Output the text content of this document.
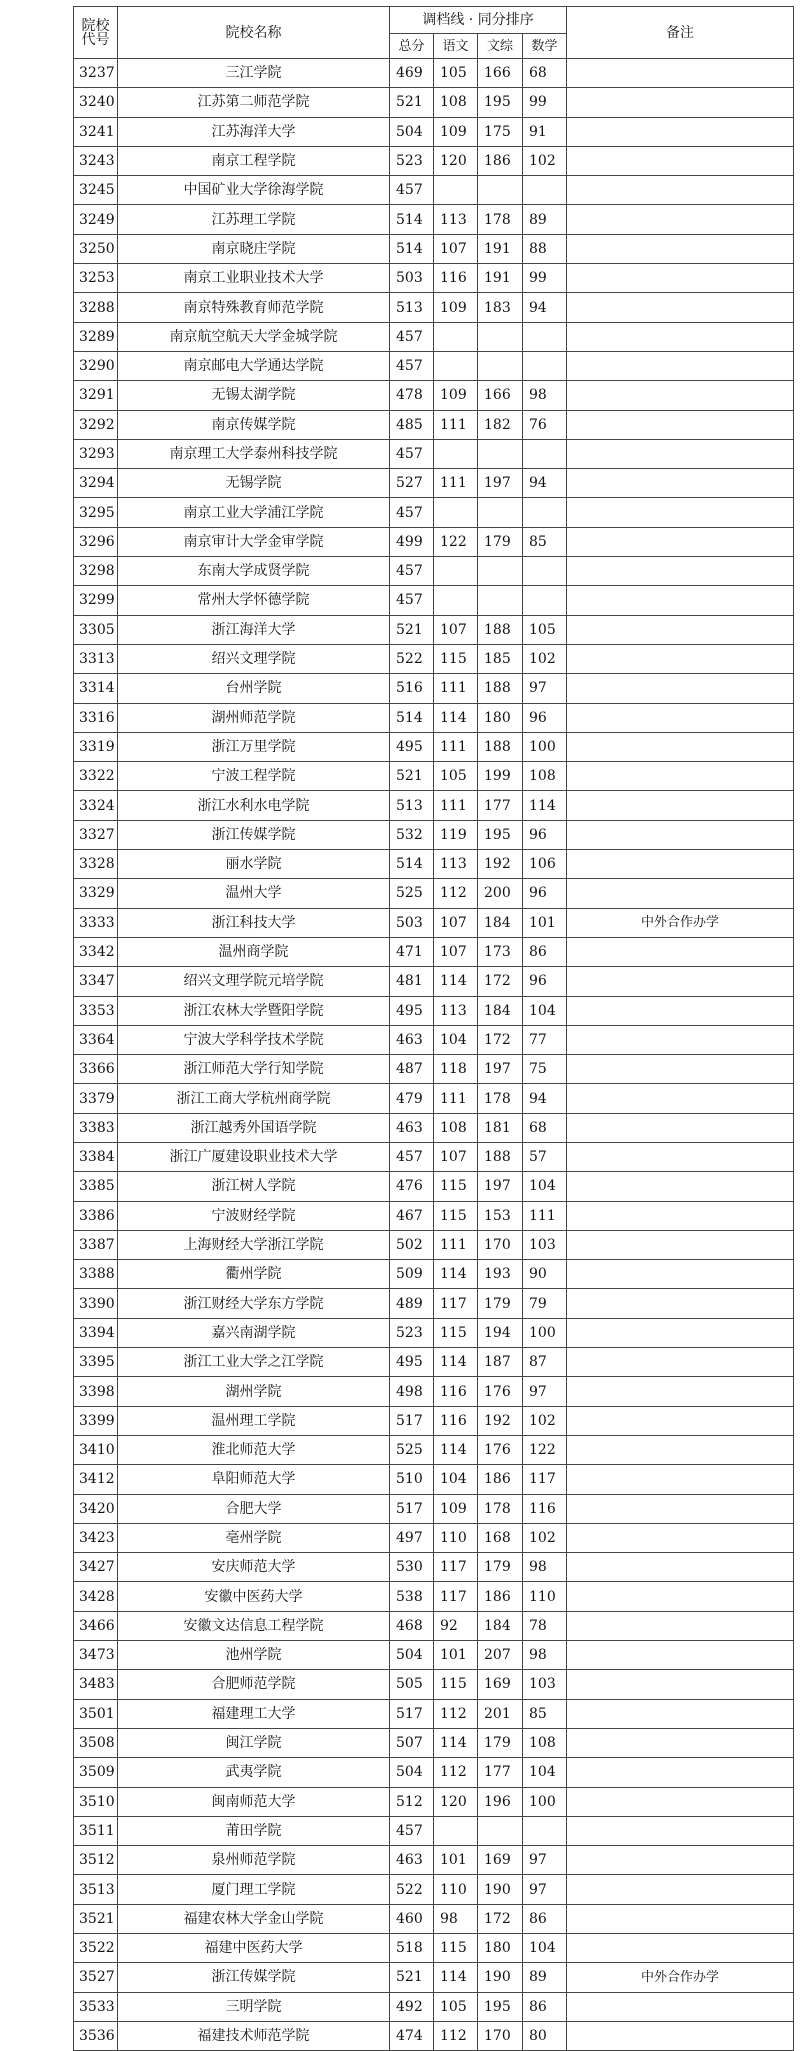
院校
代号	院校名称	调档线 · 同分排序				备注
		总分	语文	文综	数学	
3237	三江学院	469	105	166	68	
3240	江苏第二师范学院	521	108	195	99	
3241	江苏海洋大学	504	109	175	91	
3243	南京工程学院	523	120	186	102	
3245	中国矿业大学徐海学院	457				
3249	江苏理工学院	514	113	178	89	
3250	南京晓庄学院	514	107	191	88	
3253	南京工业职业技术大学	503	116	191	99	
3288	南京特殊教育师范学院	513	109	183	94	
3289	南京航空航天大学金城学院	457				
3290	南京邮电大学通达学院	457				
3291	无锡太湖学院	478	109	166	98	
3292	南京传媒学院	485	111	182	76	
3293	南京理工大学泰州科技学院	457				
3294	无锡学院	527	111	197	94	
3295	南京工业大学浦江学院	457				
3296	南京审计大学金审学院	499	122	179	85	
3298	东南大学成贤学院	457				
3299	常州大学怀德学院	457				
3305	浙江海洋大学	521	107	188	105	
3313	绍兴文理学院	522	115	185	102	
3314	台州学院	516	111	188	97	
3316	湖州师范学院	514	114	180	96	
3319	浙江万里学院	495	111	188	100	
3322	宁波工程学院	521	105	199	108	
3324	浙江水利水电学院	513	111	177	114	
3327	浙江传媒学院	532	119	195	96	
3328	丽水学院	514	113	192	106	
3329	温州大学	525	112	200	96	
3333	浙江科技大学	503	107	184	101	中外合作办学
3342	温州商学院	471	107	173	86	
3347	绍兴文理学院元培学院	481	114	172	96	
3353	浙江农林大学暨阳学院	495	113	184	104	
3364	宁波大学科学技术学院	463	104	172	77	
3366	浙江师范大学行知学院	487	118	197	75	
3379	浙江工商大学杭州商学院	479	111	178	94	
3383	浙江越秀外国语学院	463	108	181	68	
3384	浙江广厦建设职业技术大学	457	107	188	57	
3385	浙江树人学院	476	115	197	104	
3386	宁波财经学院	467	115	153	111	
3387	上海财经大学浙江学院	502	111	170	103	
3388	衢州学院	509	114	193	90	
3390	浙江财经大学东方学院	489	117	179	79	
3394	嘉兴南湖学院	523	115	194	100	
3395	浙江工业大学之江学院	495	114	187	87	
3398	湖州学院	498	116	176	97	
3399	温州理工学院	517	116	192	102	
3410	淮北师范大学	525	114	176	122	
3412	阜阳师范大学	510	104	186	117	
3420	合肥大学	517	109	178	116	
3423	亳州学院	497	110	168	102	
3427	安庆师范大学	530	117	179	98	
3428	安徽中医药大学	538	117	186	110	
3466	安徽文达信息工程学院	468	92	184	78	
3473	池州学院	504	101	207	98	
3483	合肥师范学院	505	115	169	103	
3501	福建理工大学	517	112	201	85	
3508	闽江学院	507	114	179	108	
3509	武夷学院	504	112	177	104	
3510	闽南师范大学	512	120	196	100	
3511	莆田学院	457				
3512	泉州师范学院	463	101	169	97	
3513	厦门理工学院	522	110	190	97	
3521	福建农林大学金山学院	460	98	172	86	
3522	福建中医药大学	518	115	180	104	
3527	浙江传媒学院	521	114	190	89	中外合作办学
3533	三明学院	492	105	195	86	
3536	福建技术师范学院	474	112	170	80	
